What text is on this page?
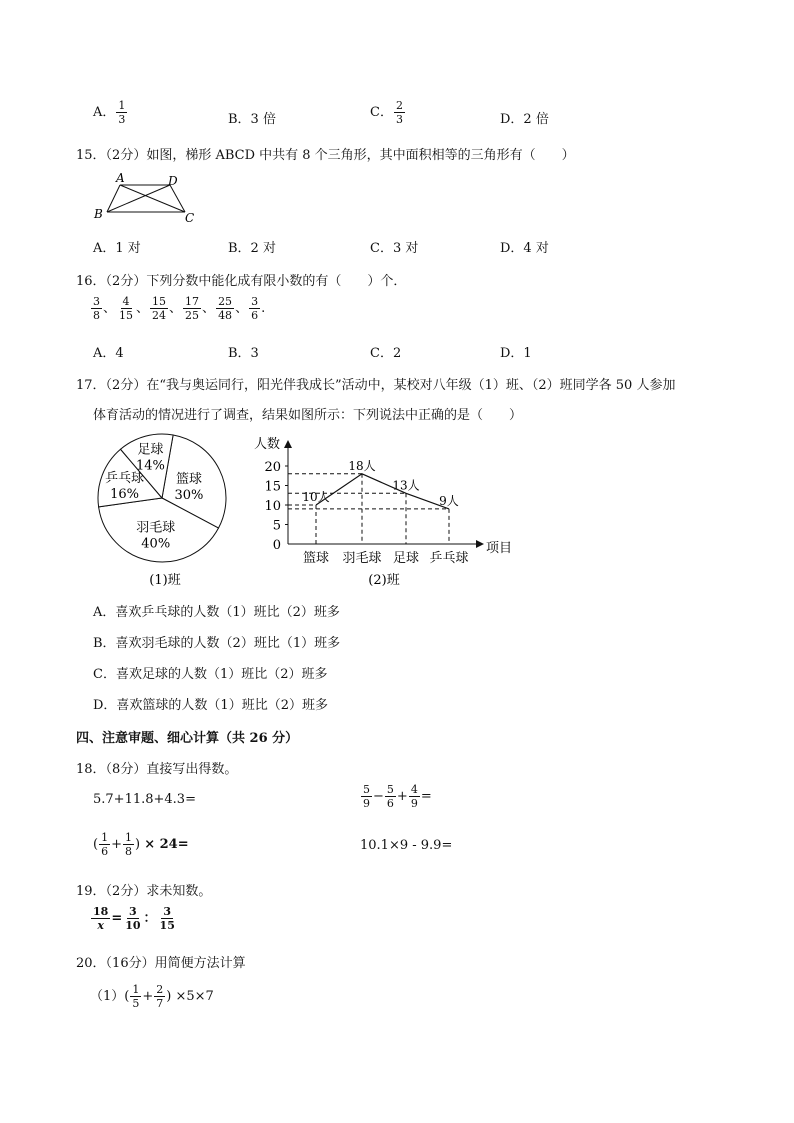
A． $\frac{1}{3}$	B．3 倍	C． $\frac{2}{3}$	D．2 倍
15．（2分）如图，梯形 ABCD 中共有 8 个三角形，其中面积相等的三角形有（　　）
A	D
B	C
A．1 对	B．2 对	C．3 对	D．4 对
16．（2分）下列分数中能化成有限小数的有（　　）个．
$\frac{3}{8}$ 、 $\frac{4}{15}$ 、 $\frac{15}{24}$ 、 $\frac{17}{25}$ 、 $\frac{25}{48}$ 、 $\frac{3}{6}$ .
A．4	B．3	C．2	D．1
17．（2分）在“我与奥运同行，阳光伴我成长”活动中，某校对八年级（1）班、（2）班同学各 50 人参加
体育活动的情况进行了调查，结果如图所示：下列说法中正确的是（　　）
篮球
30%
羽毛球
40%
乒乓球
16%
足球
14%
(1)班
0
5
10
15
20
10人
篮球
18人
羽毛球
13人
足球
9人
乒乓球
人数
项目
(2)班
A．喜欢乒乓球的人数（1）班比（2）班多
B．喜欢羽毛球的人数（2）班比（1）班多
C．喜欢足球的人数（1）班比（2）班多
D．喜欢篮球的人数（1）班比（2）班多
四、注意审题、细心计算（共 26 分）
18．（8分）直接写出得数。
5.7+11.8+4.3=	$\frac{5}{9} - \frac{5}{6} + \frac{4}{9}$ =
( $\frac{1}{6} + \frac{1}{8}$ ) × 24=	10.1×9 - 9.9=
19．（2分）求未知数。
$\frac{18}{x} = \frac{3}{10}$ ： $\frac{3}{15}$
20．（16分）用简便方法计算
$(1)( \frac{1}{5} + \frac{2}{7}$ ) ×5×7
